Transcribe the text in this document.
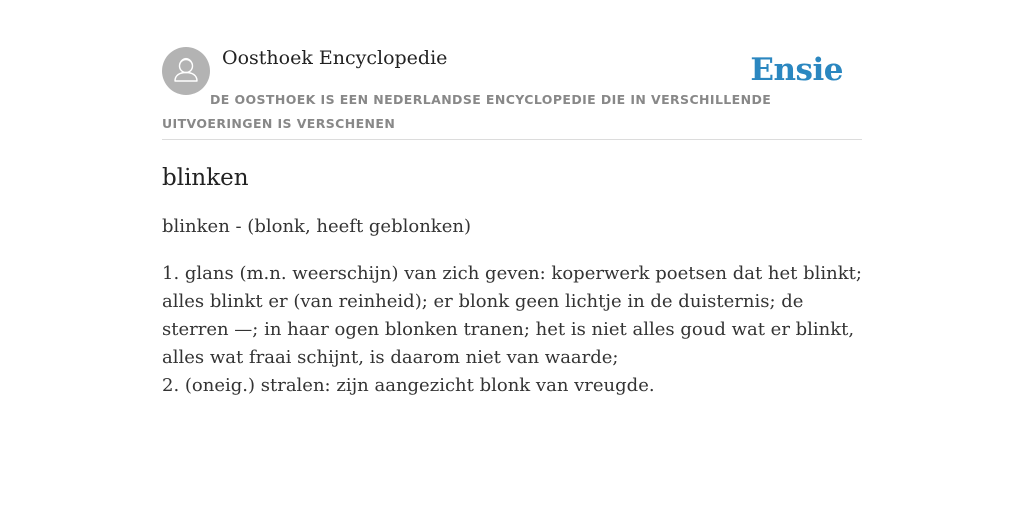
Oosthoek Encyclopedie	Ensie
DE OOSTHOEK IS EEN NEDERLANDSE ENCYCLOPEDIE DIE IN VERSCHILLENDE UITVOERINGEN IS VERSCHENEN
blinken

blinken - (blonk, heeft geblonken)

1. glans (m.n. weerschijn) van zich geven: koperwerk poetsen dat het blinkt; alles blinkt er (van reinheid); er blonk geen lichtje in de duisternis; de sterren —; in haar ogen blonken tranen; het is niet alles goud wat er blinkt, alles wat fraai schijnt, is daarom niet van waarde;
2. (oneig.) stralen: zijn aangezicht blonk van vreugde.
